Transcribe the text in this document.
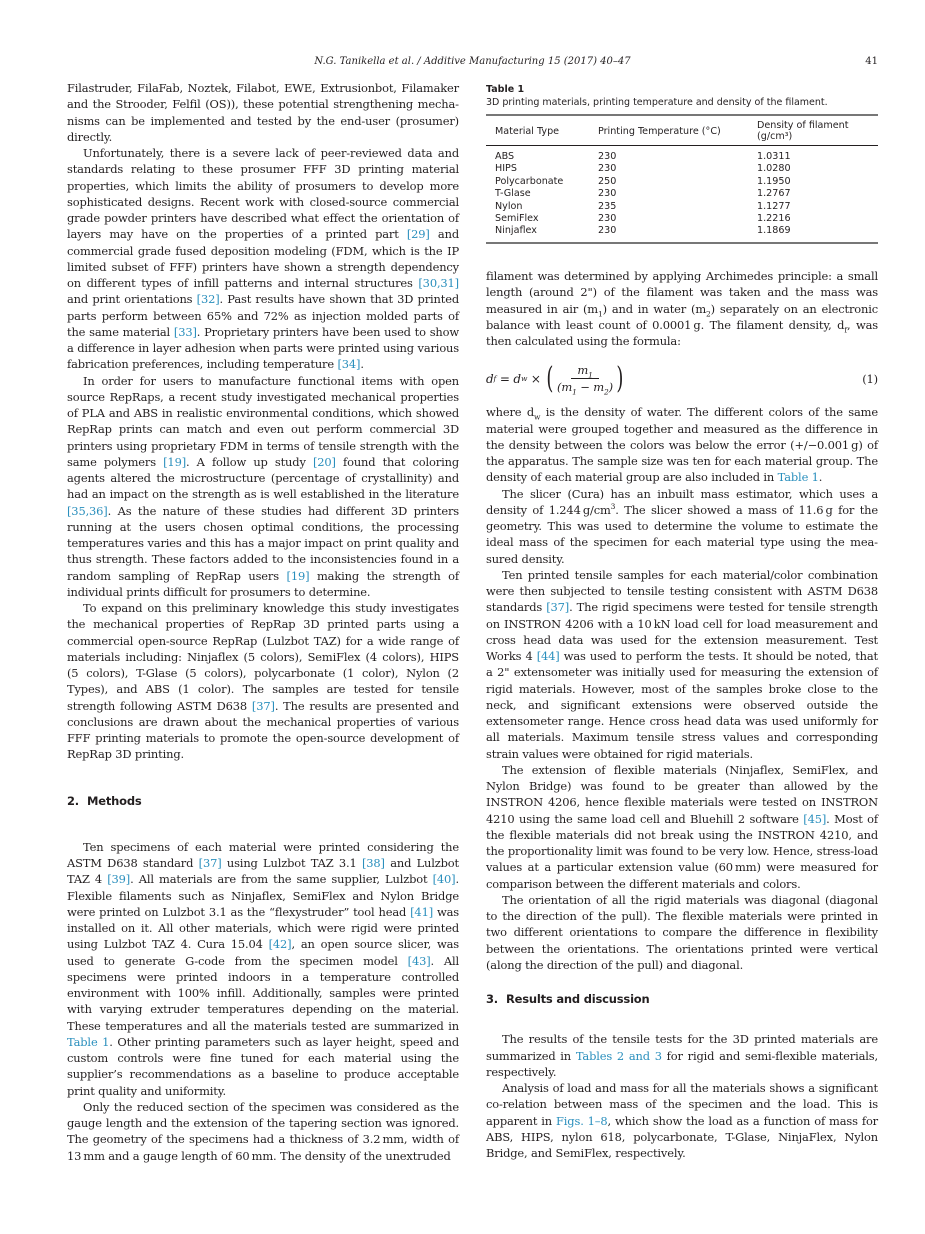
N.G. Tanikella et al. / Additive Manufacturing 15 (2017) 40–47	41

Filastruder, FilaFab, Noztek, Filabot, EWE, Extrusionbot, Filamaker and the Strooder, Felfil (OS)), these potential strengthening mechanisms can be implemented and tested by the end-user (prosumer) directly.

Unfortunately, there is a severe lack of peer-reviewed data and standards relating to these prosumer FFF 3D printing material properties, which limits the ability of prosumers to develop more sophisticated designs. Recent work with closed-source commercial grade powder printers have described what effect the orientation of layers may have on the properties of a printed part [29] and commercial grade fused deposition modeling (FDM, which is the IP limited subset of FFF) printers have shown a strength dependency on different types of infill patterns and internal structures [30,31] and print orientations [32]. Past results have shown that 3D printed parts perform between 65% and 72% as injection molded parts of the same material [33]. Proprietary printers have been used to show a difference in layer adhesion when parts were printed using various fabrication preferences, including temperature [34].

In order for users to manufacture functional items with open source RepRaps, a recent study investigated mechanical properties of PLA and ABS in realistic environmental conditions, which showed RepRap prints can match and even out perform commercial 3D printers using proprietary FDM in terms of tensile strength with the same polymers [19]. A follow up study [20] found that coloring agents altered the microstructure (percentage of crystallinity) and had an impact on the strength as is well established in the literature [35,36]. As the nature of these studies had different 3D printers running at the users chosen optimal conditions, the processing temperatures varies and this has a major impact on print quality and thus strength. These factors added to the inconsistencies found in a random sampling of RepRap users [19] making the strength of individual prints difficult for prosumers to determine.

To expand on this preliminary knowledge this study investigates the mechanical properties of RepRap 3D printed parts using a commercial open-source RepRap (Lulzbot TAZ) for a wide range of materials including: Ninjaflex (5 colors), SemiFlex (4 colors), HIPS (5 colors), T-Glase (5 colors), polycarbonate (1 color), Nylon (2 Types), and ABS (1 color). The samples are tested for tensile strength following ASTM D638 [37]. The results are presented and conclusions are drawn about the mechanical properties of various FFF printing materials to promote the open-source development of RepRap 3D printing.

2. Methods

Ten specimens of each material were printed considering the ASTM D638 standard [37] using Lulzbot TAZ 3.1 [38] and Lulzbot TAZ 4 [39]. All materials are from the same supplier, Lulzbot [40]. Flexible filaments such as Ninjaflex, SemiFlex and Nylon Bridge were printed on Lulzbot 3.1 as the “flexystruder” tool head [41] was installed on it. All other materials, which were rigid were printed using Lulzbot TAZ 4. Cura 15.04 [42], an open source slicer, was used to generate G-code from the specimen model [43]. All specimens were printed indoors in a temperature controlled environment with 100% infill. Additionally, samples were printed with varying extruder temperatures depending on the material. These temperatures and all the materials tested are summarized in Table 1. Other printing parameters such as layer height, speed and custom controls were fine tuned for each material using the supplier’s recommendations as a baseline to produce acceptable print quality and uniformity.

Only the reduced section of the specimen was considered as the gauge length and the extension of the tapering section was ignored. The geometry of the specimens had a thickness of 3.2 mm, width of 13 mm and a gauge length of 60 mm. The density of the unextruded

Table 1
3D printing materials, printing temperature and density of the filament.
Material Type	Printing Temperature (°C)	Density of filament (g/cm³)
ABS	230	1.0311
HIPS	230	1.0280
Polycarbonate	250	1.1950
T-Glase	230	1.2767
Nylon	235	1.1277
SemiFlex	230	1.2216
Ninjaflex	230	1.1869

filament was determined by applying Archimedes principle: a small length (around 2") of the filament was taken and the mass was measured in air $(m_1)$ and in water $(m_2)$ separately on an electronic balance with least count of 0.0001 g. The filament density, $d_f$, was then calculated using the formula:

d f = d w × ( $\frac{m_1}{(m_1 - m_2)}$ )	(1)

where $d_w$ is the density of water. The different colors of the same material were grouped together and measured as the difference in the density between the colors was below the error (+/−0.001 g) of the apparatus. The sample size was ten for each material group. The density of each material group are also included in Table 1.

The slicer (Cura) has an inbuilt mass estimator, which uses a density of 1.244 $g/cm^3$. The slicer showed a mass of 11.6 g for the geometry. This was used to determine the volume to estimate the ideal mass of the specimen for each material type using the measured density.

Ten printed tensile samples for each material/color combination were then subjected to tensile testing consistent with ASTM D638 standards [37]. The rigid specimens were tested for tensile strength on INSTRON 4206 with a 10 kN load cell for load measurement and cross head data was used for the extension measurement. Test Works 4 [44] was used to perform the tests. It should be noted, that a 2" extensometer was initially used for measuring the extension of rigid materials. However, most of the samples broke close to the neck, and significant extensions were observed outside the extensometer range. Hence cross head data was used uniformly for all materials. Maximum tensile stress values and corresponding strain values were obtained for rigid materials.

The extension of flexible materials (Ninjaflex, SemiFlex, and Nylon Bridge) was found to be greater than allowed by the INSTRON 4206, hence flexible materials were tested on INSTRON 4210 using the same load cell and Bluehill 2 software [45]. Most of the flexible materials did not break using the INSTRON 4210, and the proportionality limit was found to be very low. Hence, stress-load values at a particular extension value (60 mm) were measured for comparison between the different materials and colors.

The orientation of all the rigid materials was diagonal (diagonal to the direction of the pull). The flexible materials were printed in two different orientations to compare the difference in flexibility between the orientations. The orientations printed were vertical (along the direction of the pull) and diagonal.

3. Results and discussion

The results of the tensile tests for the 3D printed materials are summarized in Tables 2 and 3 for rigid and semi-flexible materials, respectively.

Analysis of load and mass for all the materials shows a significant co-relation between mass of the specimen and the load. This is apparent in Figs. 1–8, which show the load as a function of mass for ABS, HIPS, nylon 618, polycarbonate, T-Glase, NinjaFlex, Nylon Bridge, and SemiFlex, respectively.
